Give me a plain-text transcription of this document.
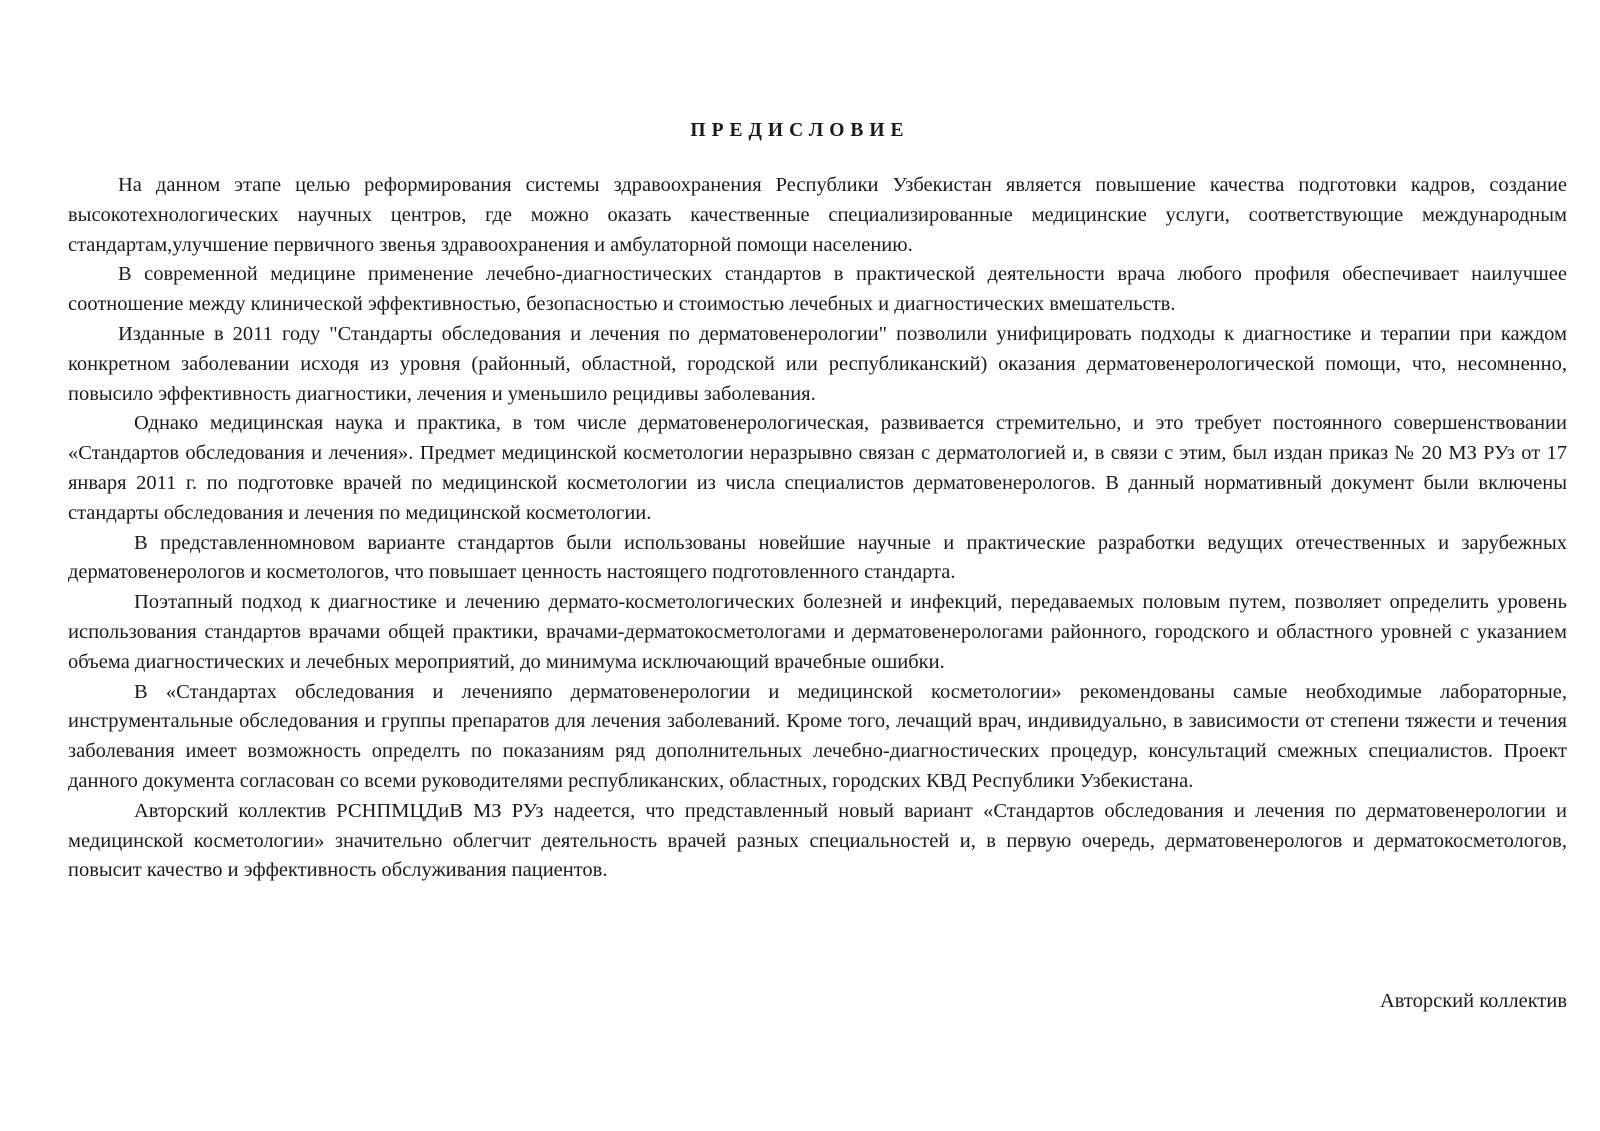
ПРЕДИСЛОВИЕ

На данном этапе целью реформирования системы здравоохранения Республики Узбекистан является повышение качества подготовки кадров, создание высокотехнологических научных центров, где можно оказать качественные специализированные медицинские услуги, соответствующие международным стандартам,улучшение первичного звенья здравоохранения и амбулаторной помощи населению.

В современной медицине применение лечебно-диагностических стандартов в практической деятельности врача любого профиля обеспечивает наилучшее соотношение между клинической эффективностью, безопасностью и стоимостью лечебных и диагностических вмешательств.

Изданные в 2011 году "Стандарты обследования и лечения по дерматовенерологии" позволили унифицировать подходы к диагностике и терапии при каждом конкретном заболевании исходя из уровня (районный, областной, городской или республиканский) оказания дерматовенерологической помощи, что, несомненно, повысило эффективность диагностики, лечения и уменьшило рецидивы заболевания.

Однако медицинская наука и практика, в том числе дерматовенерологическая, развивается стремительно, и это требует постоянного совершенствовании «Стандартов обследования и лечения». Предмет медицинской косметологии неразрывно связан с дерматологией и, в связи с этим, был издан приказ № 20 МЗ РУз от 17 января 2011 г. по подготовке врачей по медицинской косметологии из числа специалистов дерматовенерологов. В данный нормативный документ были включены стандарты обследования и лечения по медицинской косметологии.

В представленномновом варианте стандартов были использованы новейшие научные и практические разработки ведущих отечественных и зарубежных дерматовенерологов и косметологов, что повышает ценность настоящего подготовленного стандарта.

Поэтапный подход к диагностике и лечению дермато-косметологических болезней и инфекций, передаваемых половым путем, позволяет определить уровень использования стандартов врачами общей практики, врачами-дерматокосметологами и дерматовенерологами районного, городского и областного уровней с указанием объема диагностических и лечебных мероприятий, до минимума исключающий врачебные ошибки.

В «Стандартах обследования и леченияпо дерматовенерологии и медицинской косметологии» рекомендованы самые необходимые лабораторные, инструментальные обследования и группы препаратов для лечения заболеваний. Кроме того, лечащий врач, индивидуально, в зависимости от степени тяжести и течения заболевания имеет возможность определть по показаниям ряд дополнительных лечебно-диагностических процедур, консультаций смежных специалистов. Проект данного документа согласован со всеми руководителями республиканских, областных, городских КВД Республики Узбекистана.

Авторский коллектив РСНПМЦДиВ МЗ РУз надеется, что представленный новый вариант «Стандартов обследования и лечения по дерматовенерологии и медицинской косметологии» значительно облегчит деятельность врачей разных специальностей и, в первую очередь, дерматовенерологов и дерматокосметологов, повысит качество и эффективность обслуживания пациентов.

Авторский коллектив
